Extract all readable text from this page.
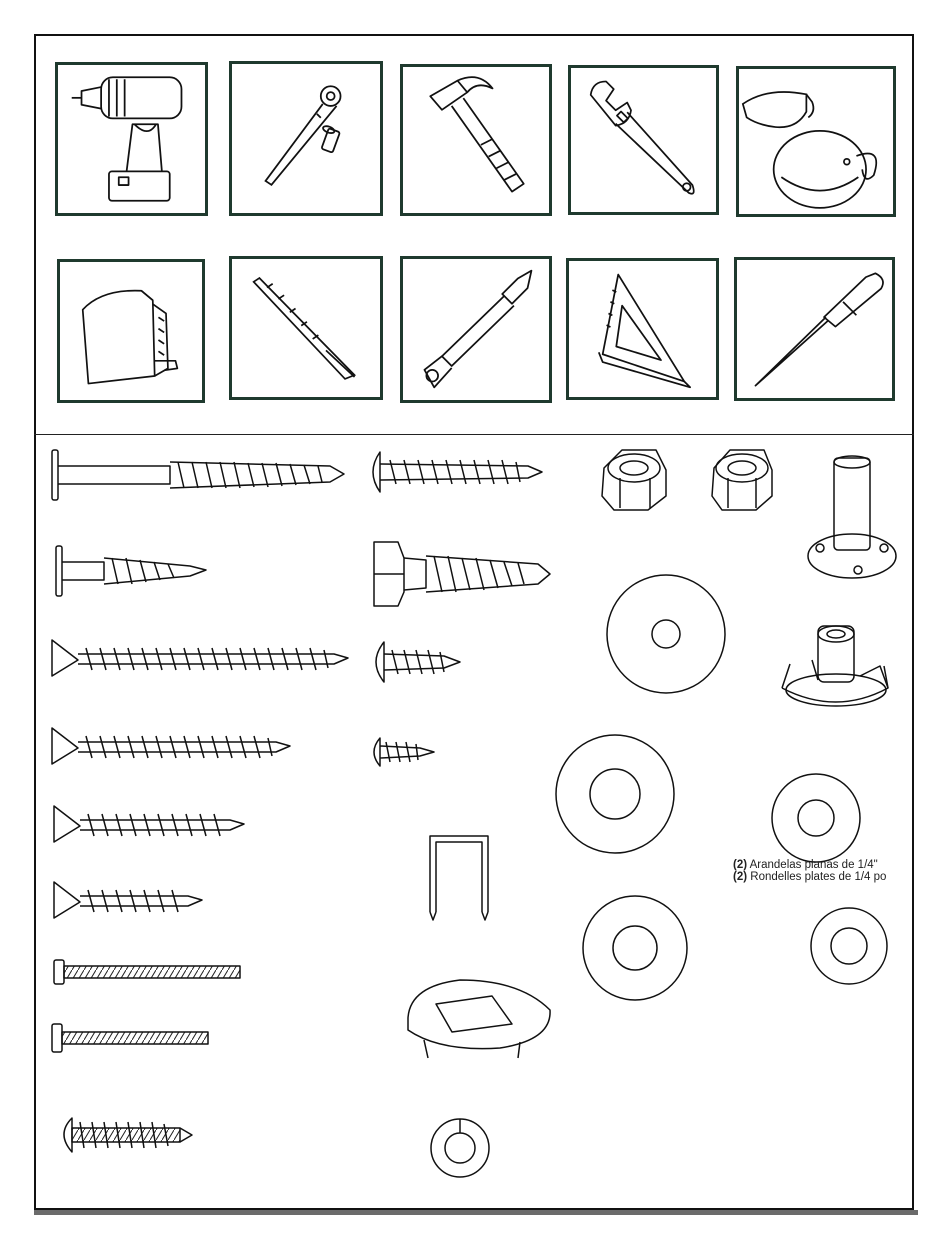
(2) Arandelas planas de 1/4"
(2) Rondelles plates de 1/4 po
